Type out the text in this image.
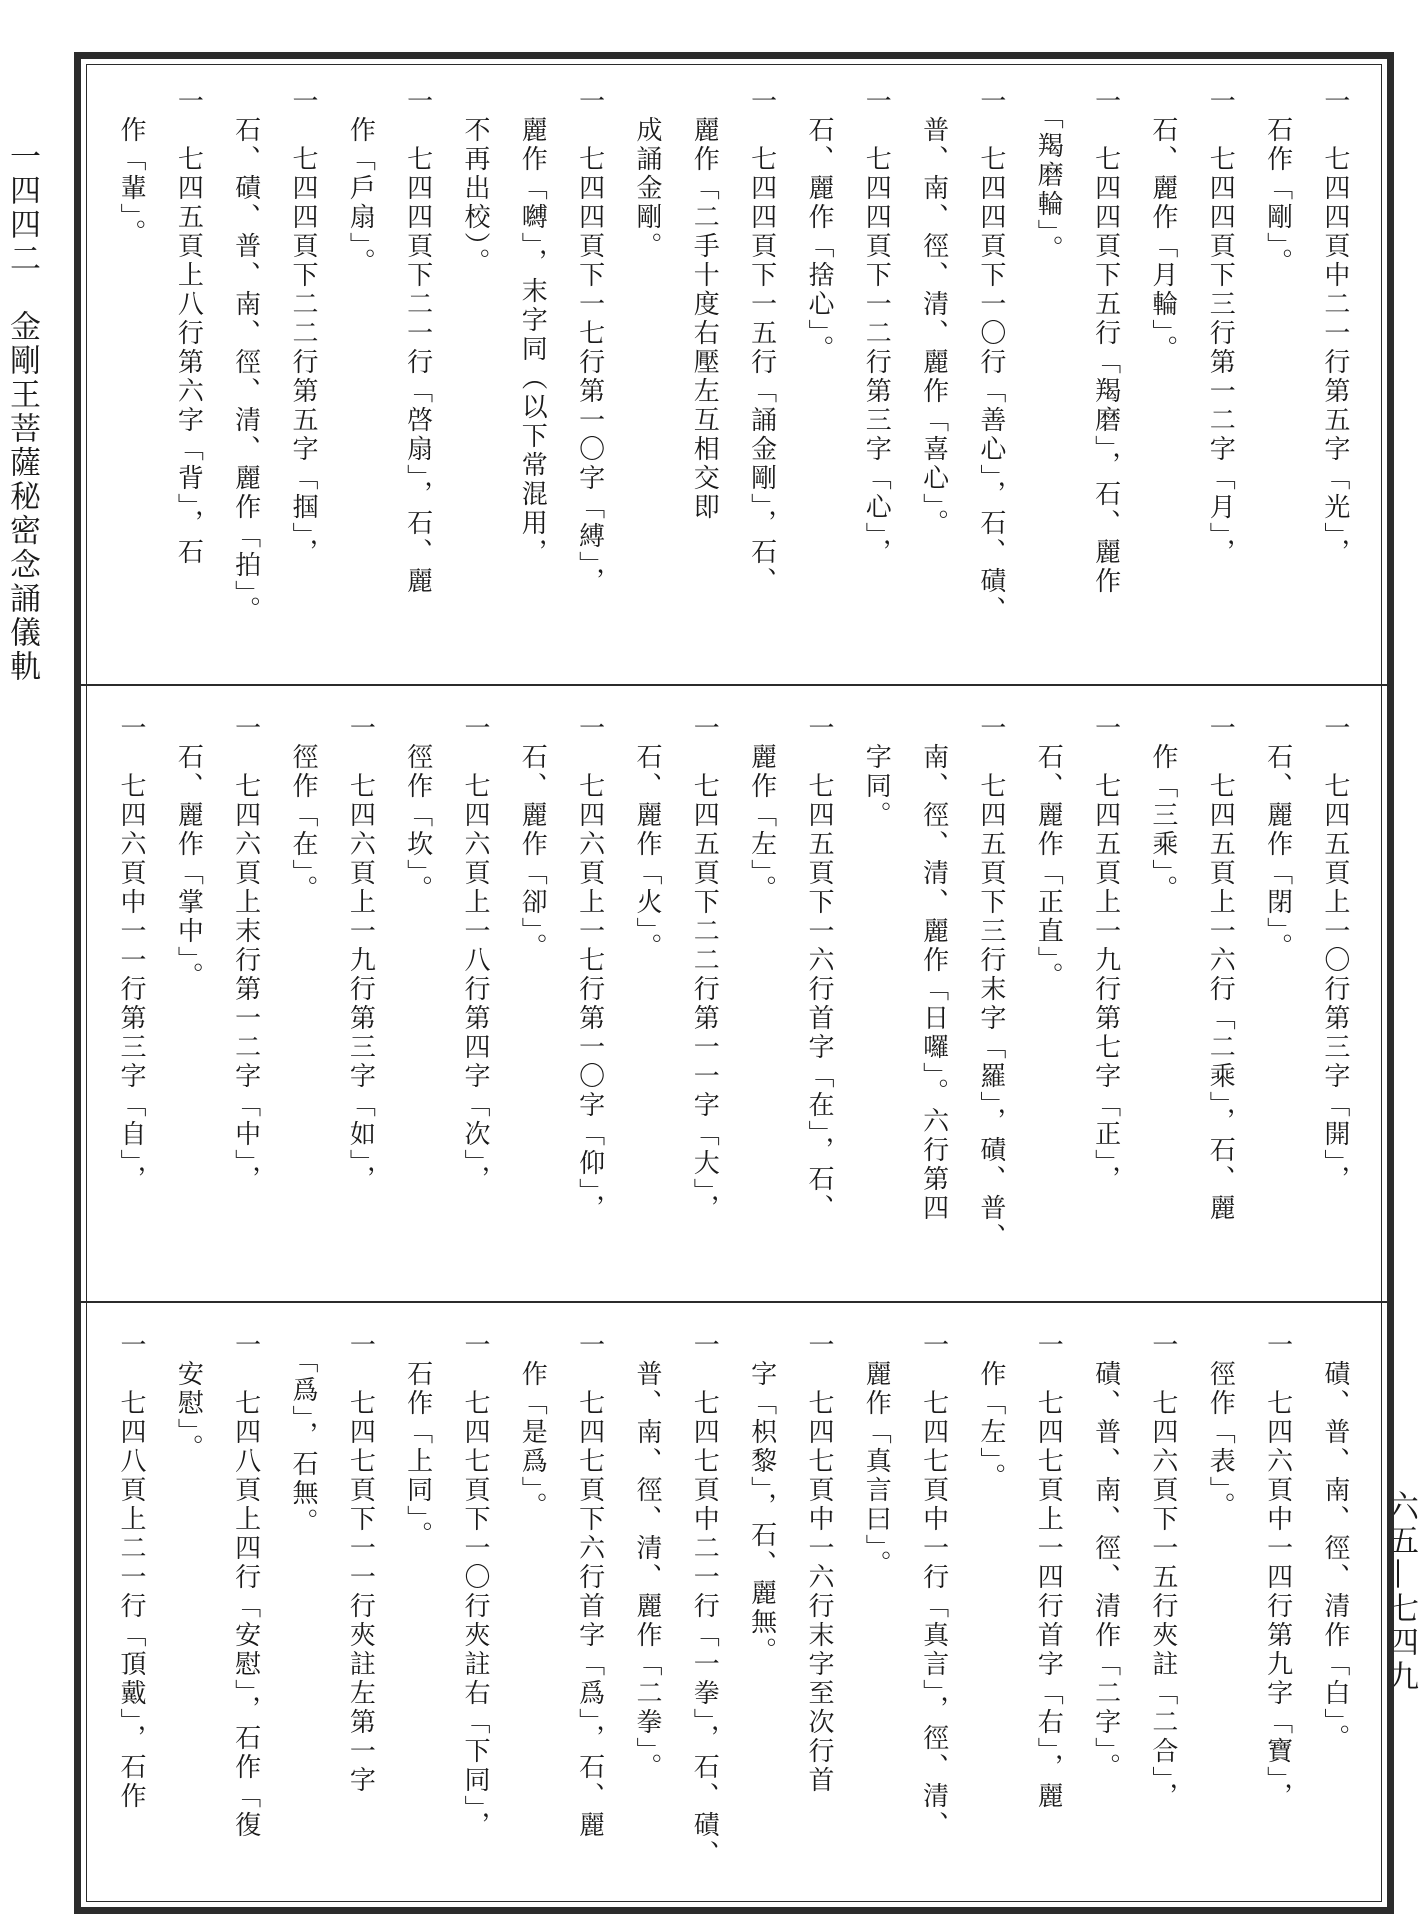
一四四二　金剛王菩薩秘密念誦儀軌
六五—七四九
一　七四四頁中二一行第五字「光」，
　石作「剛」。
一　七四四頁下三行第一二字「月」，
　石、麗作「月輪」。
一　七四四頁下五行「羯磨」，石、麗作
　「羯磨輪」。
一　七四四頁下一〇行「善心」，石、磧、
　普、南、徑、清、麗作「喜心」。
一　七四四頁下一二行第三字「心」，
　石、麗作「捨心」。
一　七四四頁下一五行「誦金剛」，石、
　麗作「二手十度右壓左互相交即
　成誦金剛。
一　七四四頁下一七行第一〇字「縛」，
　麗作「嚩」，末字同（以下常混用，
　不再出校）。
一　七四四頁下二一行「啓扇」，石、麗
　作「戶扇」。
一　七四四頁下二二行第五字「掴」，
　石、磧、普、南、徑、清、麗作「拍」。
一　七四五頁上八行第六字「背」，石
　作「輩」。
一　七四五頁上一〇行第三字「開」，
　石、麗作「閉」。
一　七四五頁上一六行「二乘」，石、麗
　作「三乘」。
一　七四五頁上一九行第七字「正」，
　石、麗作「正直」。
一　七四五頁下三行末字「羅」，磧、普、
　南、徑、清、麗作「日囉」。六行第四
　字同。
一　七四五頁下一六行首字「在」，石、
　麗作「左」。
一　七四五頁下二二行第一一字「大」，
　石、麗作「火」。
一　七四六頁上一七行第一〇字「仰」，
　石、麗作「卻」。
一　七四六頁上一八行第四字「次」，
　徑作「坎」。
一　七四六頁上一九行第三字「如」，
　徑作「在」。
一　七四六頁上末行第一二字「中」，
　石、麗作「掌中」。
一　七四六頁中一一行第三字「自」，
　磧、普、南、徑、清作「白」。
一　七四六頁中一四行第九字「寶」，
　徑作「表」。
一　七四六頁下一五行夾註「二合」，
　磧、普、南、徑、清作「二字」。
一　七四七頁上一四行首字「右」，麗
　作「左」。
一　七四七頁中一行「真言」，徑、清、
　麗作「真言曰」。
一　七四七頁中一六行末字至次行首
　字「枳黎」，石、麗無。
一　七四七頁中二一行「一拳」，石、磧、
　普、南、徑、清、麗作「二拳」。
一　七四七頁下六行首字「爲」，石、麗
　作「是爲」。
一　七四七頁下一〇行夾註右「下同」，
　石作「上同」。
一　七四七頁下一一行夾註左第一字
　「爲」，石無。
一　七四八頁上四行「安慰」，石作「復
　安慰」。
一　七四八頁上二一行「頂戴」，石作
